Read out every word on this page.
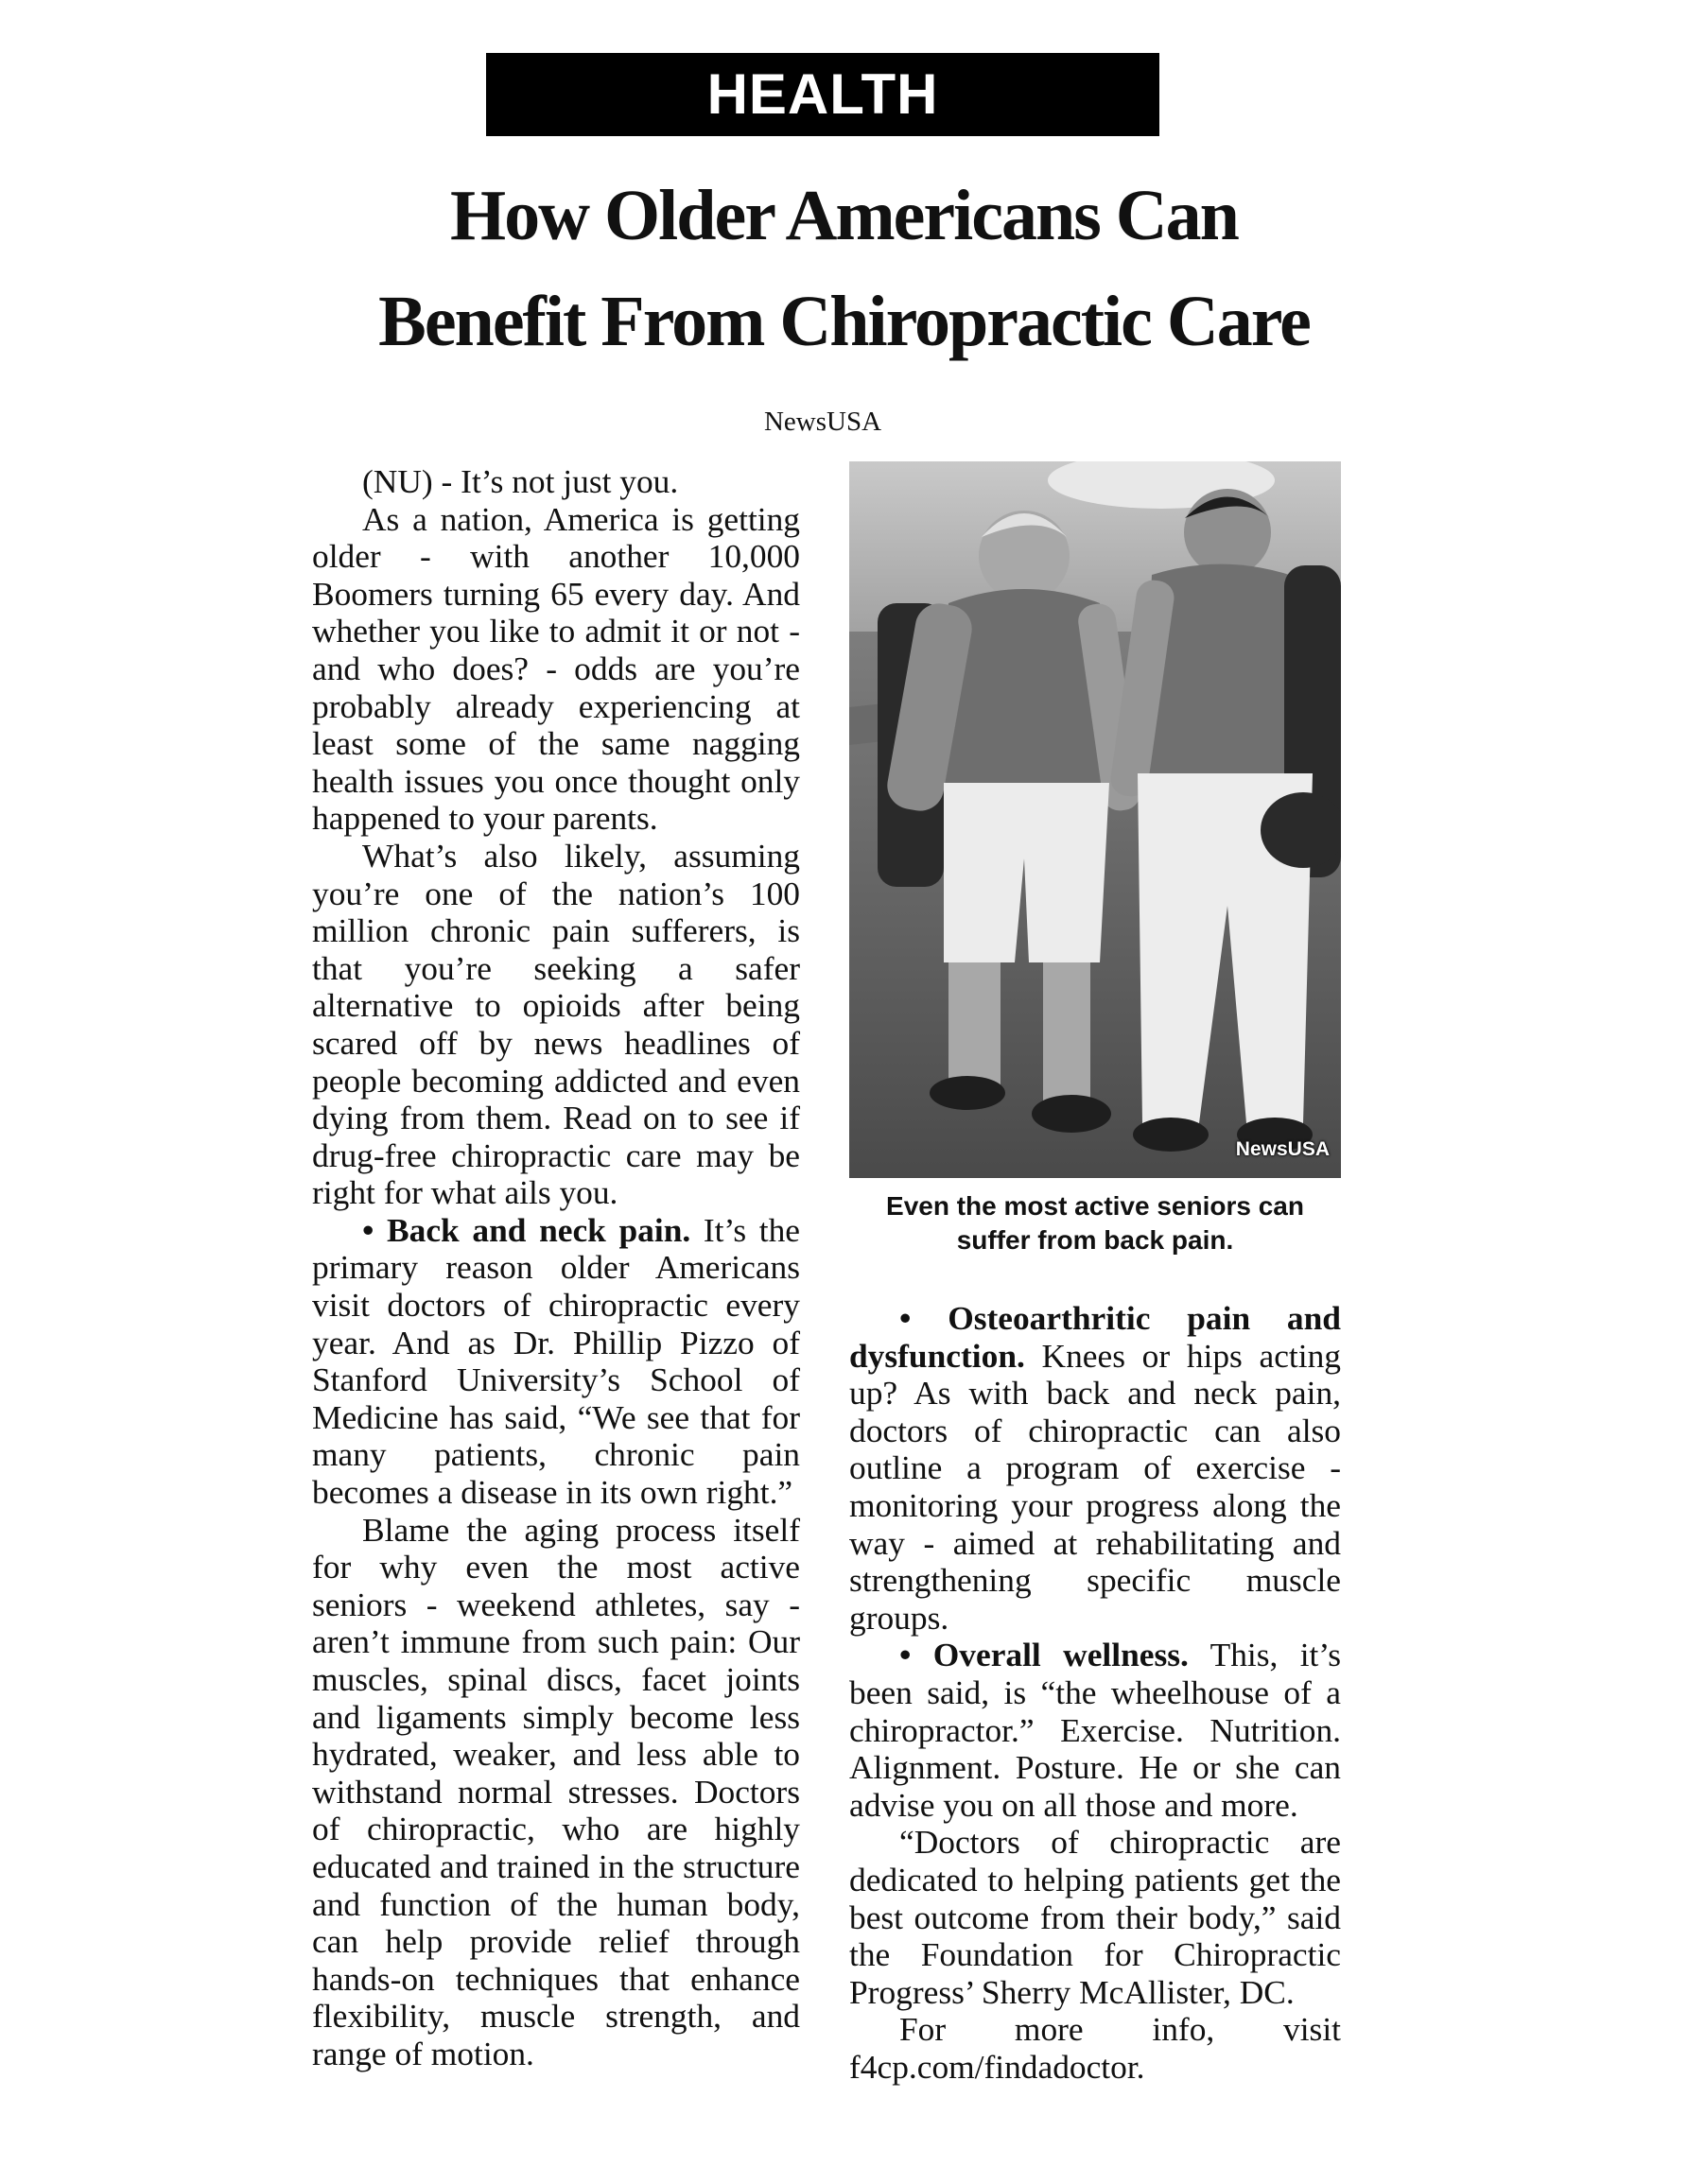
HEALTH
How Older Americans Can
Benefit From Chiropractic Care
NewsUSA

(NU) - It’s not just you.

As a nation, America is getting older - with another 10,000 Boomers turning 65 every day. And whether you like to admit it or not - and who does? - odds are you’re probably already experiencing at least some of the same nagging health issues you once thought only happened to your parents.

What’s also likely, assuming you’re one of the nation’s 100 million chronic pain sufferers, is that you’re seeking a safer alternative to opioids after being scared off by news headlines of people becoming addicted and even dying from them. Read on to see if drug-free chiropractic care may be right for what ails you.

• Back and neck pain. It’s the primary reason older Americans visit doctors of chiropractic every year. And as Dr. Phillip Pizzo of Stanford University’s School of Medicine has said, “We see that for many patients, chronic pain becomes a disease in its own right.”

Blame the aging process itself for why even the most active seniors - weekend athletes, say - aren’t immune from such pain: Our muscles, spinal discs, facet joints and ligaments simply become less hydrated, weaker, and less able to withstand normal stresses. Doctors of chiropractic, who are highly educated and trained in the structure and function of the human body, can help provide relief through hands-on techniques that enhance flexibility, muscle strength, and range of motion.

NewsUSA
Even the most active seniors can suffer from back pain.

• Osteoarthritic pain and dysfunction. Knees or hips acting up? As with back and neck pain, doctors of chiropractic can also outline a program of exercise - monitoring your progress along the way - aimed at rehabilitating and strengthening specific muscle groups.

• Overall wellness. This, it’s been said, is “the wheelhouse of a chiropractor.” Exercise. Nutrition. Alignment. Posture. He or she can advise you on all those and more.

“Doctors of chiropractic are dedicated to helping patients get the best outcome from their body,” said the Foundation for Chiropractic Progress’ Sherry McAllister, DC.

For more info, visit

f4cp.com/findadoctor.
